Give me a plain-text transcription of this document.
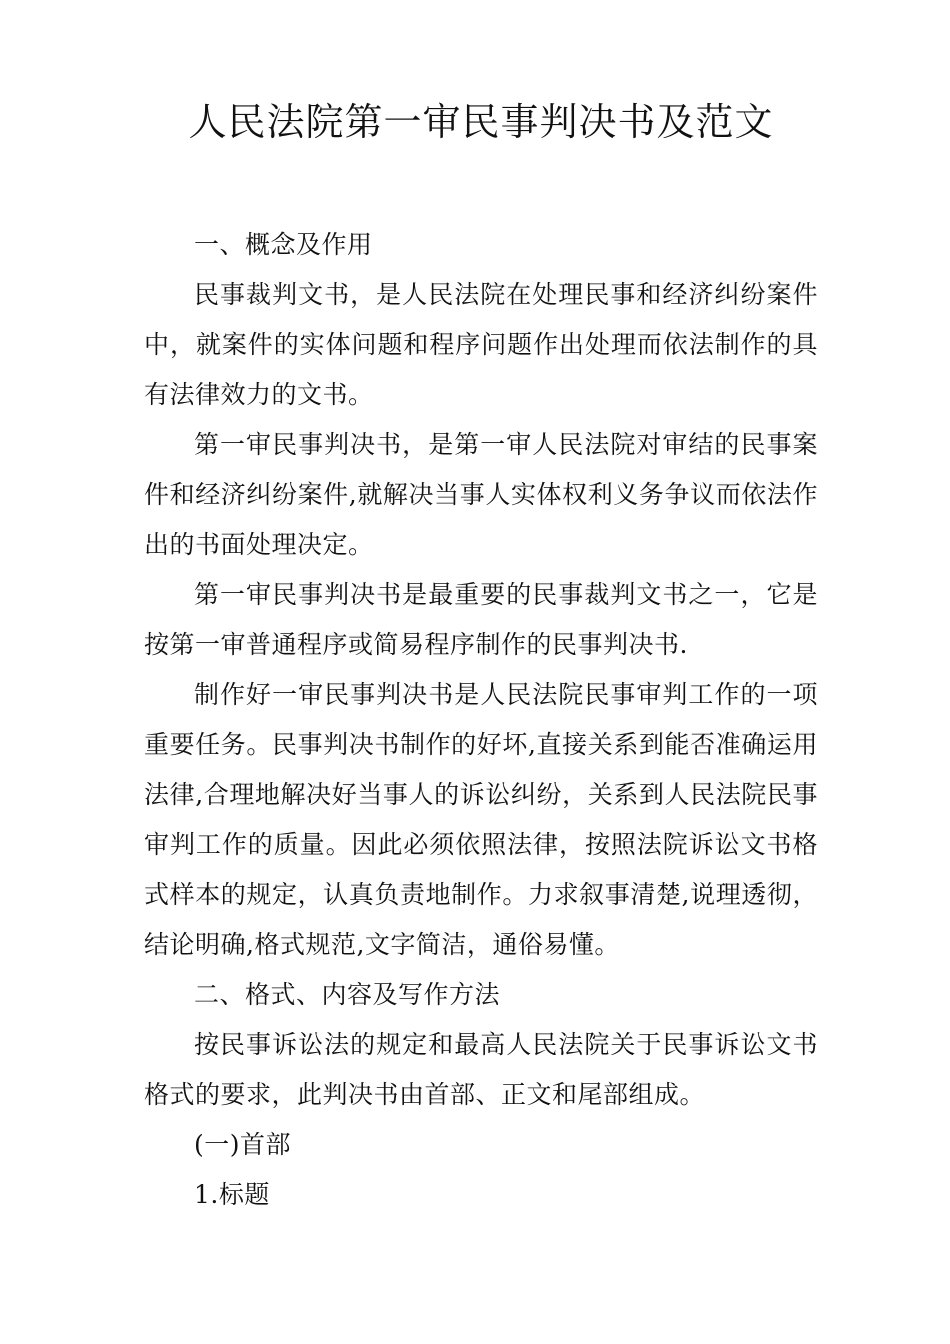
人民法院第一审民事判决书及范文

一、概念及作用

民事裁判文书，是人民法院在处理民事和经济纠纷案件中，就案件的实体问题和程序问题作出处理而依法制作的具有法律效力的文书。

第一审民事判决书，是第一审人民法院对审结的民事案件和经济纠纷案件,就解决当事人实体权利义务争议而依法作出的书面处理决定。

第一审民事判决书是最重要的民事裁判文书之一，它是按第一审普通程序或简易程序制作的民事判决书.

制作好一审民事判决书是人民法院民事审判工作的一项重要任务。民事判决书制作的好坏,直接关系到能否准确运用法律,合理地解决好当事人的诉讼纠纷，关系到人民法院民事审判工作的质量。因此必须依照法律，按照法院诉讼文书格式样本的规定，认真负责地制作。力求叙事清楚,说理透彻，结论明确,格式规范,文字简洁，通俗易懂。

二、格式、内容及写作方法

按民事诉讼法的规定和最高人民法院关于民事诉讼文书格式的要求，此判决书由首部、正文和尾部组成。

(一)首部

1.标题
